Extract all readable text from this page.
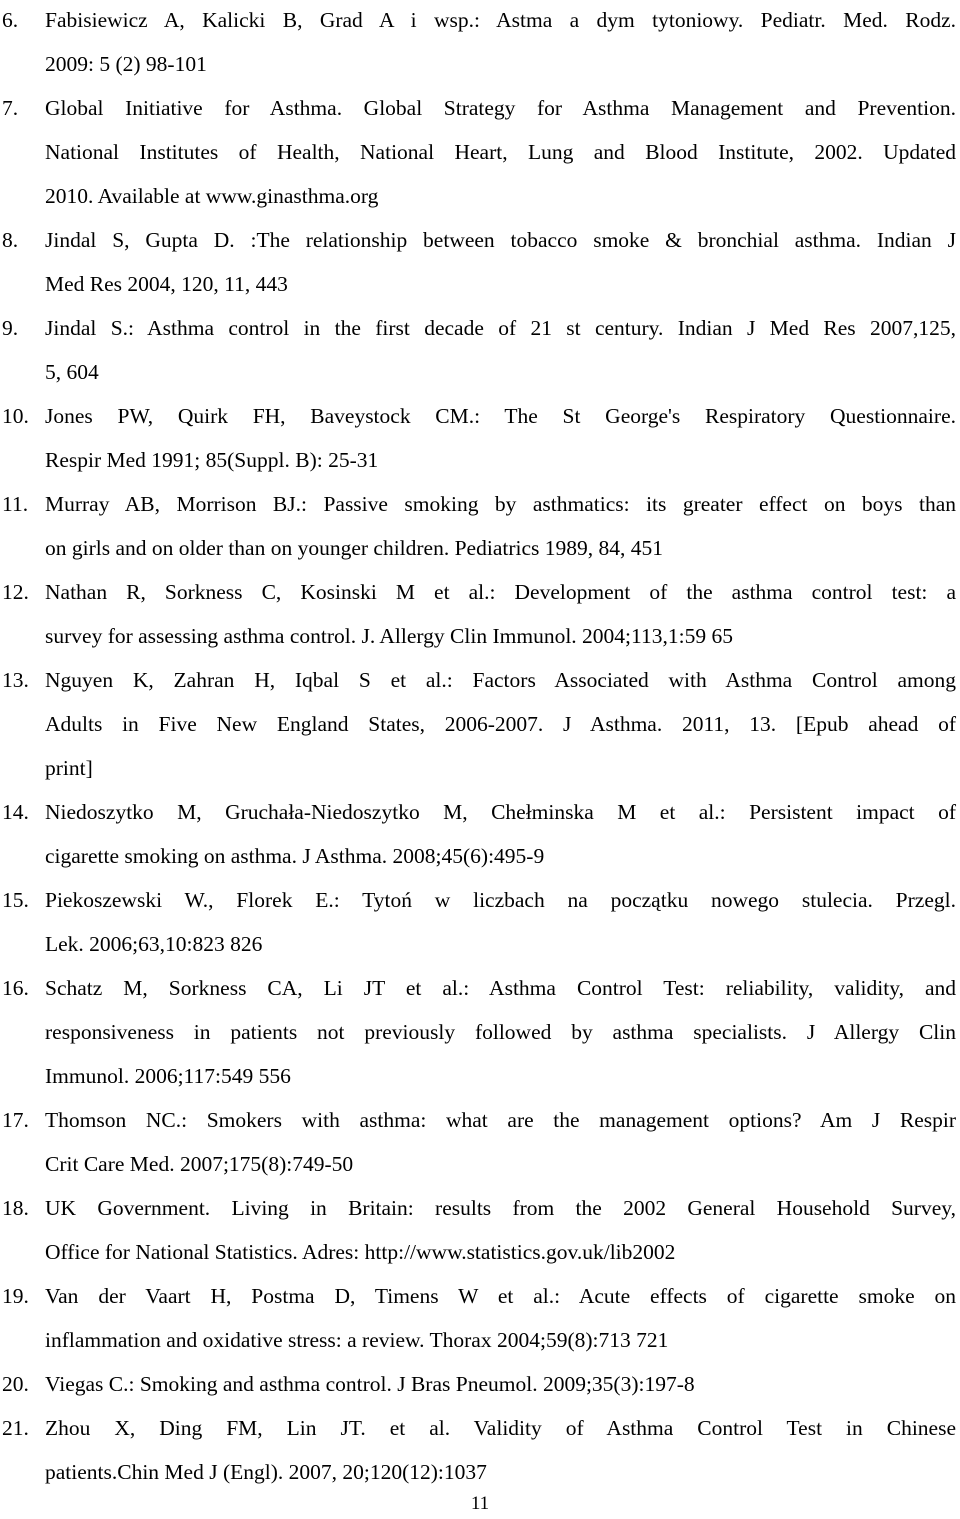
6. Fabisiewicz A, Kalicki B, Grad A i wsp.: Astma a dym tytoniowy. Pediatr. Med. Rodz.
2009: 5 (2) 98-101
7. Global Initiative for Asthma. Global Strategy for Asthma Management and Prevention.
National Institutes of Health, National Heart, Lung and Blood Institute, 2002. Updated
2010. Available at www.ginasthma.org
8. Jindal S, Gupta D. :The relationship between tobacco smoke & bronchial asthma. Indian J
Med Res 2004, 120, 11, 443
9. Jindal S.: Asthma control in the first decade of 21 st century. Indian J Med Res 2007,125,
5, 604
10. Jones PW, Quirk FH, Baveystock CM.: The St George's Respiratory Questionnaire.
Respir Med 1991; 85(Suppl. B): 25-31
11. Murray AB, Morrison BJ.: Passive smoking by asthmatics: its greater effect on boys than
on girls and on older than on younger children. Pediatrics 1989, 84, 451
12. Nathan R, Sorkness C, Kosinski M et al.: Development of the asthma control test: a
survey for assessing asthma control. J. Allergy Clin Immunol. 2004;113,1:59 65
13. Nguyen K, Zahran H, Iqbal S et al.: Factors Associated with Asthma Control among
Adults in Five New England States, 2006-2007. J Asthma. 2011, 13. [Epub ahead of
print]
14. Niedoszytko M, Gruchała-Niedoszytko M, Chełminska M et al.: Persistent impact of
cigarette smoking on asthma. J Asthma. 2008;45(6):495-9
15. Piekoszewski W., Florek E.: Tytoń w liczbach na początku nowego stulecia. Przegl.
Lek. 2006;63,10:823 826
16. Schatz M, Sorkness CA, Li JT et al.: Asthma Control Test: reliability, validity, and
responsiveness in patients not previously followed by asthma specialists. J Allergy Clin
Immunol. 2006;117:549 556
17. Thomson NC.: Smokers with asthma: what are the management options? Am J Respir
Crit Care Med. 2007;175(8):749-50
18. UK Government. Living in Britain: results from the 2002 General Household Survey,
Office for National Statistics. Adres: http://www.statistics.gov.uk/lib2002
19. Van der Vaart H, Postma D, Timens W et al.: Acute effects of cigarette smoke on
inflammation and oxidative stress: a review. Thorax 2004;59(8):713 721
20. Viegas C.: Smoking and asthma control. J Bras Pneumol. 2009;35(3):197-8
21. Zhou X, Ding FM, Lin JT. et al. Validity of Asthma Control Test in Chinese
patients.Chin Med J (Engl). 2007, 20;120(12):1037
11
